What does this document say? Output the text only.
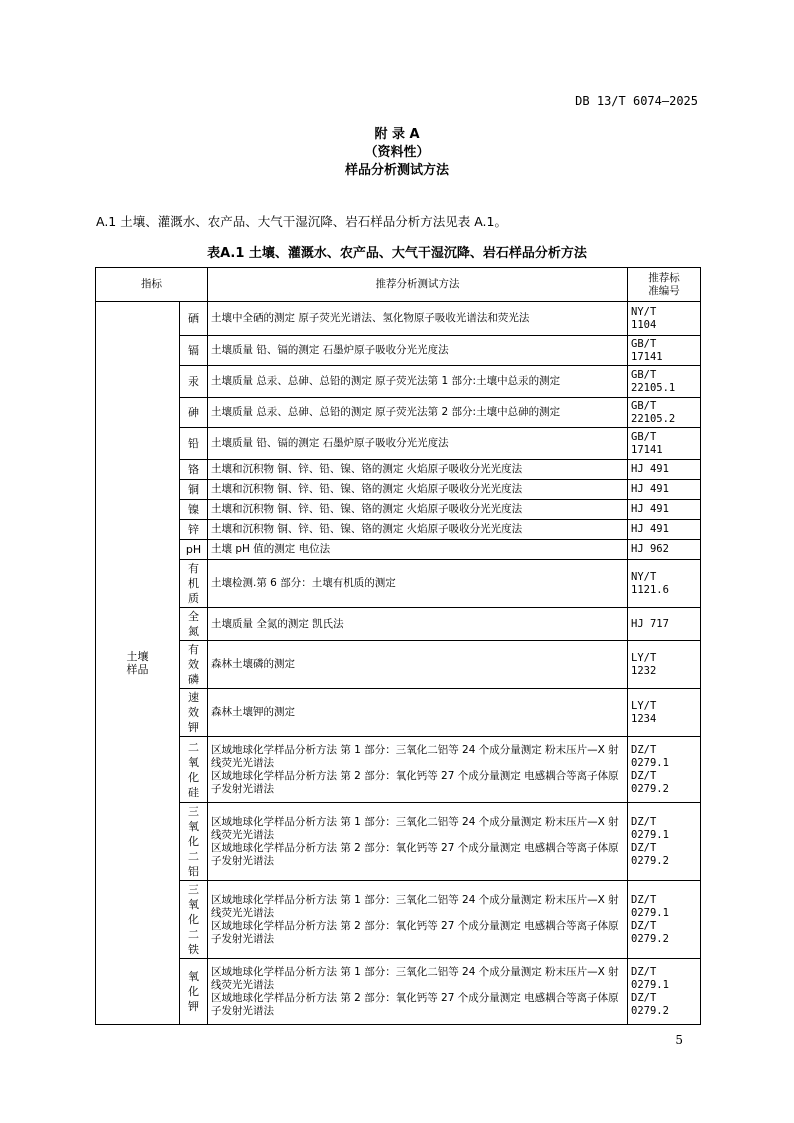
DB 13/T 6074—2025
附 录 A
（资料性）
样品分析测试方法
A.1 土壤、灌溉水、农产品、大气干湿沉降、岩石样品分析方法见表 A.1。
表A.1 土壤、灌溉水、农产品、大气干湿沉降、岩石样品分析方法
指标		推荐分析测试方法	推荐标
准编号

土壤
样品	硒	土壤中全硒的测定 原子荧光光谱法、氢化物原子吸收光谱法和荧光法	NY/T
1104

	镉	土壤质量 铅、镉的测定 石墨炉原子吸收分光光度法	GB/T
17141

	汞	土壤质量 总汞、总砷、总铅的测定 原子荧光法第 1 部分:土壤中总汞的测定	GB/T
22105.1

	砷	土壤质量 总汞、总砷、总铅的测定 原子荧光法第 2 部分:土壤中总砷的测定	GB/T
22105.2

	铅	土壤质量 铅、镉的测定 石墨炉原子吸收分光光度法	GB/T
17141

	铬	土壤和沉积物 铜、锌、铅、镍、铬的测定 火焰原子吸收分光光度法	HJ 491

	铜	土壤和沉积物 铜、锌、铅、镍、铬的测定 火焰原子吸收分光光度法	HJ 491

	镍	土壤和沉积物 铜、锌、铅、镍、铬的测定 火焰原子吸收分光光度法	HJ 491

	锌	土壤和沉积物 铜、锌、铅、镍、铬的测定 火焰原子吸收分光光度法	HJ 491

	pH	土壤 pH 值的测定 电位法	HJ 962

	有
机
质	土壤检测.第 6 部分：土壤有机质的测定	NY/T
1121.6

	全
氮	土壤质量 全氮的测定 凯氏法	HJ 717

	有
效
磷	森林土壤磷的测定	LY/T
1232

	速
效
钾	森林土壤钾的测定	LY/T
1234

	二
氧
化
硅	区域地球化学样品分析方法 第 1 部分：三氧化二铝等 24 个成分量测定 粉末压片—X 射线荧光光谱法
区域地球化学样品分析方法 第 2 部分：氧化钙等 27 个成分量测定 电感耦合等离子体原子发射光谱法	DZ/T
0279.1
DZ/T
0279.2

	三
氧
化
二
铝	区域地球化学样品分析方法 第 1 部分：三氧化二铝等 24 个成分量测定 粉末压片—X 射线荧光光谱法
区域地球化学样品分析方法 第 2 部分：氧化钙等 27 个成分量测定 电感耦合等离子体原子发射光谱法	DZ/T
0279.1
DZ/T
0279.2

	三
氧
化
二
铁	区域地球化学样品分析方法 第 1 部分：三氧化二铝等 24 个成分量测定 粉末压片—X 射线荧光光谱法
区域地球化学样品分析方法 第 2 部分：氧化钙等 27 个成分量测定 电感耦合等离子体原子发射光谱法	DZ/T
0279.1
DZ/T
0279.2

	氧
化
钾	区域地球化学样品分析方法 第 1 部分：三氧化二铝等 24 个成分量测定 粉末压片—X 射线荧光光谱法
区域地球化学样品分析方法 第 2 部分：氧化钙等 27 个成分量测定 电感耦合等离子体原子发射光谱法	DZ/T
0279.1
DZ/T
0279.2
5
